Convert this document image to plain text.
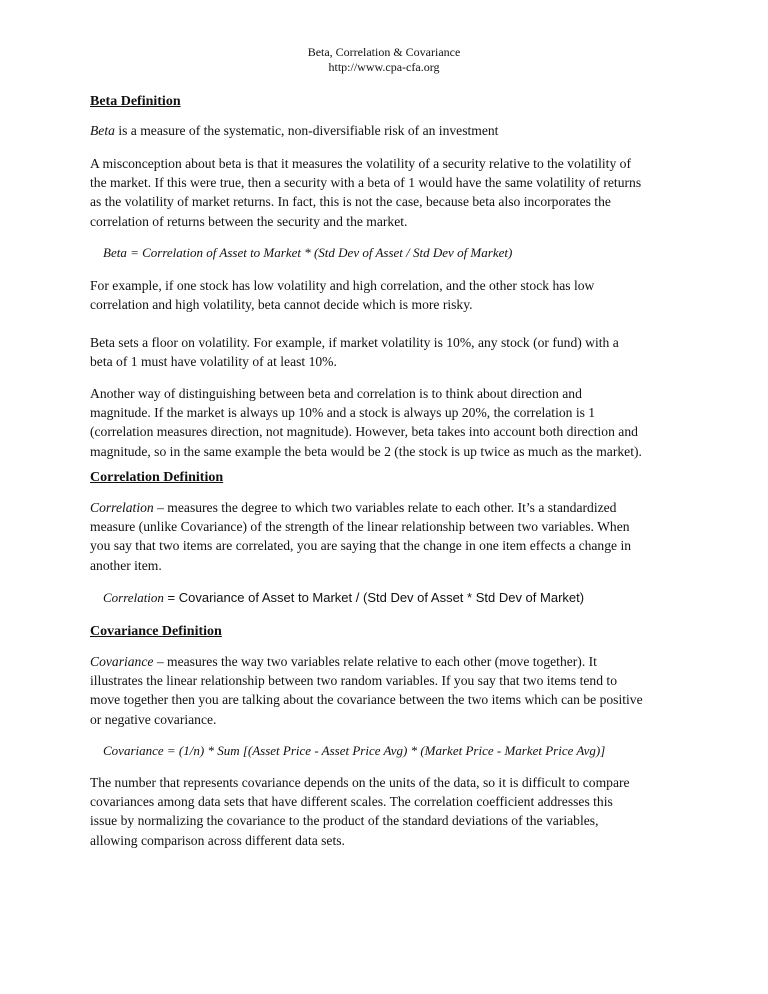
Beta, Correlation & Covariance
http://www.cpa-cfa.org
Beta Definition
Beta is a measure of the systematic, non-diversifiable risk of an investment
A misconception about beta is that it measures the volatility of a security relative to the volatility of
the market. If this were true, then a security with a beta of 1 would have the same volatility of returns
as the volatility of market returns. In fact, this is not the case, because beta also incorporates the
correlation of returns between the security and the market.
Beta = Correlation of Asset to Market * (Std Dev of Asset / Std Dev of Market)
For example, if one stock has low volatility and high correlation, and the other stock has low
correlation and high volatility, beta cannot decide which is more risky.
Beta sets a floor on volatility. For example, if market volatility is 10%, any stock (or fund) with a
beta of 1 must have volatility of at least 10%.
Another way of distinguishing between beta and correlation is to think about direction and
magnitude. If the market is always up 10% and a stock is always up 20%, the correlation is 1
(correlation measures direction, not magnitude). However, beta takes into account both direction and
magnitude, so in the same example the beta would be 2 (the stock is up twice as much as the market).
Correlation Definition
Correlation – measures the degree to which two variables relate to each other. It’s a standardized
measure (unlike Covariance) of the strength of the linear relationship between two variables. When
you say that two items are correlated, you are saying that the change in one item effects a change in
another item.
Correlation = Covariance of Asset to Market / (Std Dev of Asset * Std Dev of Market)
Covariance Definition
Covariance – measures the way two variables relate relative to each other (move together). It
illustrates the linear relationship between two random variables. If you say that two items tend to
move together then you are talking about the covariance between the two items which can be positive
or negative covariance.
Covariance = (1/n) * Sum [(Asset Price - Asset Price Avg) * (Market Price - Market Price Avg)]
The number that represents covariance depends on the units of the data, so it is difficult to compare
covariances among data sets that have different scales. The correlation coefficient addresses this
issue by normalizing the covariance to the product of the standard deviations of the variables,
allowing comparison across different data sets.
